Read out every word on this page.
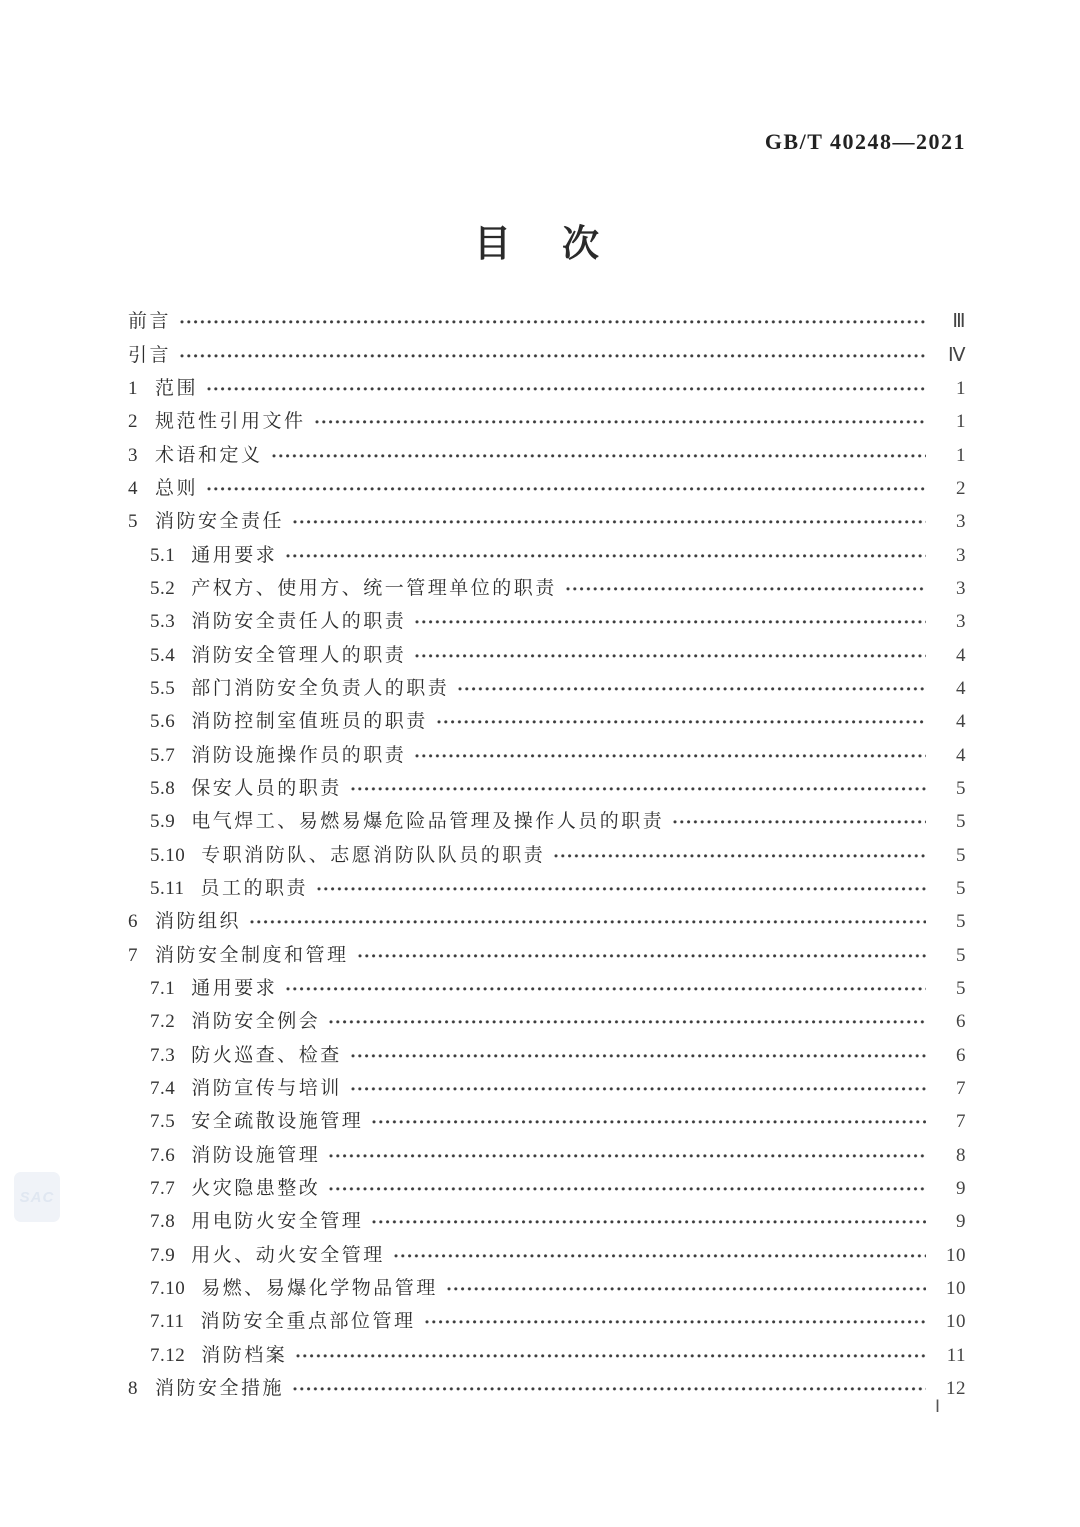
SAC
GB/T 40248—2021
目　次
前言	Ⅲ
引言	Ⅳ
1 范围	1
2 规范性引用文件	1
3 术语和定义	1
4 总则	2
5 消防安全责任	3
5.1 通用要求	3
5.2 产权方、使用方、统一管理单位的职责	3
5.3 消防安全责任人的职责	3
5.4 消防安全管理人的职责	4
5.5 部门消防安全负责人的职责	4
5.6 消防控制室值班员的职责	4
5.7 消防设施操作员的职责	4
5.8 保安人员的职责	5
5.9 电气焊工、易燃易爆危险品管理及操作人员的职责	5
5.10 专职消防队、志愿消防队队员的职责	5
5.11 员工的职责	5
6 消防组织	5
7 消防安全制度和管理	5
7.1 通用要求	5
7.2 消防安全例会	6
7.3 防火巡查、检查	6
7.4 消防宣传与培训	7
7.5 安全疏散设施管理	7
7.6 消防设施管理	8
7.7 火灾隐患整改	9
7.8 用电防火安全管理	9
7.9 用火、动火安全管理	10
7.10 易燃、易爆化学物品管理	10
7.11 消防安全重点部位管理	10
7.12 消防档案	11
8 消防安全措施	12
Ⅰ
